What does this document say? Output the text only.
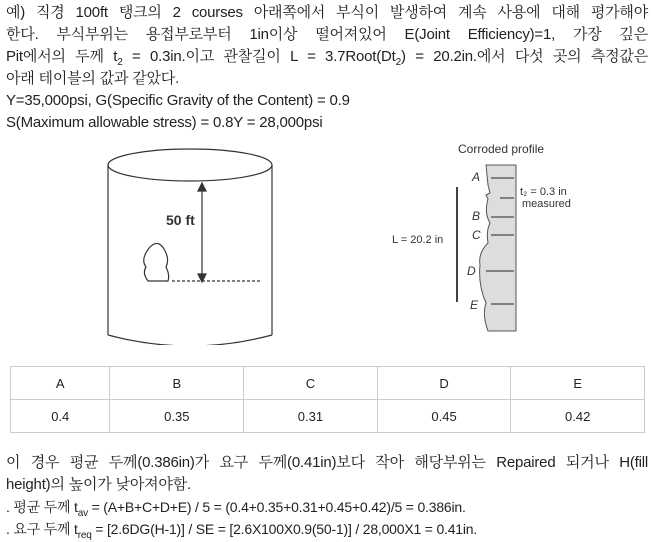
예) 직경 100ft 탱크의 2 courses 아래쪽에서 부식이 발생하여 계속 사용에 대해 평가해야
한다. 부식부위는 용접부로부터 1in이상 떨어져있어 E(Joint Efficiency)=1, 가장 깊은
Pit에서의 두께 $t_2 = 0.3in$.이고 관찰길이 $L = 3.7Root(Dt_2) = 20.2in$.에서 다섯 곳의 측정값은
아래 테이블의 값과 같았다.
Y=35,000psi, G(Specific Gravity of the Content) = 0.9
S(Maximum allowable stress) = 0.8Y = 28,000psi
50 ft
Corroded profile
L = 20.2 in
t₂ = 0.3 in
measured
A
B
C
D
E
A	B	C	D	E
0.4	0.35	0.31	0.45	0.42
이 경우 평균 두께(0.386in)가 요구 두께(0.41in)보다 작아 해당부위는 Repaired 되거나 H(fill
height)의 높이가 낮아져야함.
. 평균 두께 $t_{av} = (A+B+C+D+E) / 5 = (0.4+0.35+0.31+0.45+0.42)/5 = 0.386in$.
. 요구 두께 $t_{req} = [2.6DG(H-1)]$ / SE = [2.6X100X0.9(50-1)] / 28,000X1 = 0.41in.
